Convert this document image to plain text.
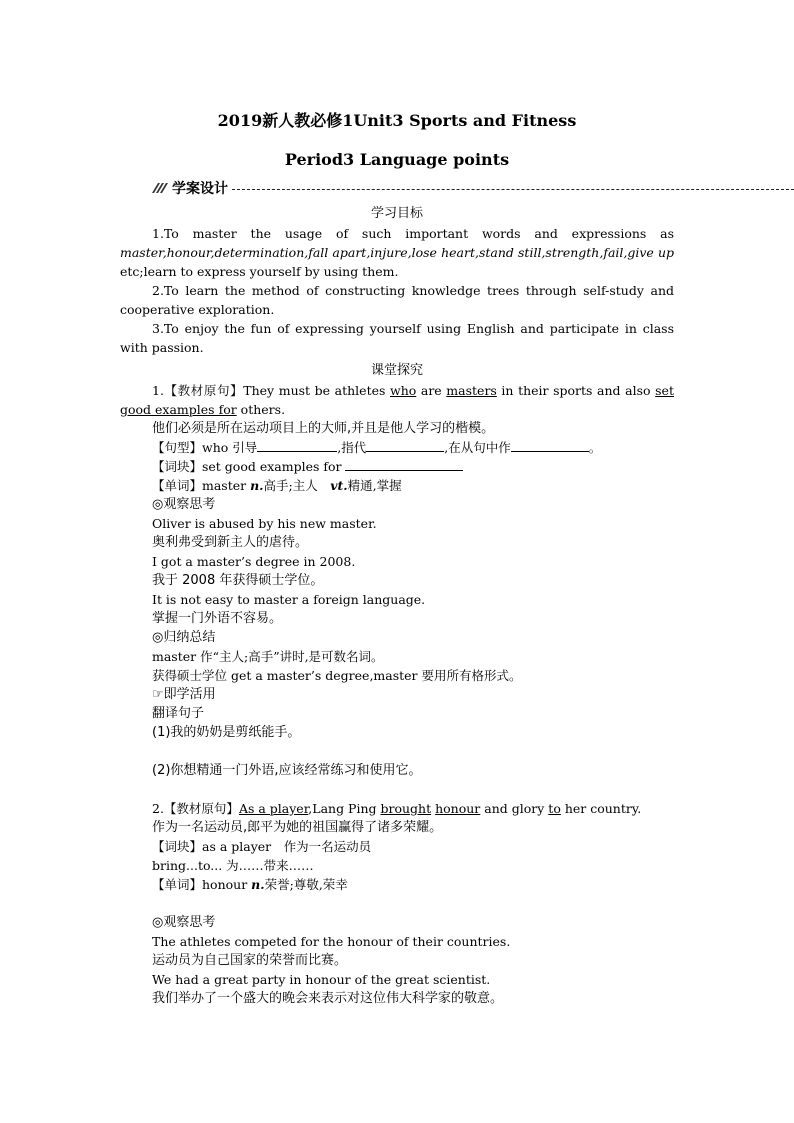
2019新人教必修1Unit3 Sports and Fitness
Period3 Language points
学案设计
学习目标
1.To master the usage of such important words and expressions as master,honour,determination,fall apart,injure,lose heart,stand still,strength,fail,give up etc;learn to express yourself by using them.
2.To learn the method of constructing knowledge trees through self-study and cooperative exploration.
3.To enjoy the fun of expressing yourself using English and participate in class with passion.
课堂探究
1.【教材原句】They must be athletes who are masters in their sports and also set good examples for others.
他们必须是所在运动项目上的大师,并且是他人学习的楷模。
【句型】who 引导	,指代	,在从句中作	。
【词块】set good examples for
【单词】master n.高手;主人　vt.精通,掌握
◎观察思考
Oliver is abused by his new master.
奥利弗受到新主人的虐待。
I got a master’s degree in 2008.
我于 2008 年获得硕士学位。
It is not easy to master a foreign language.
掌握一门外语不容易。
◎归纳总结
master 作“主人;高手”讲时,是可数名词。
获得硕士学位 get a master’s degree,master 要用所有格形式。
☞即学活用
翻译句子
(1)我的奶奶是剪纸能手。
(2)你想精通一门外语,应该经常练习和使用它。
2.【教材原句】As a player,Lang Ping brought honour and glory to her country.
作为一名运动员,郎平为她的祖国赢得了诸多荣耀。
【词块】as a player　作为一名运动员
bring...to... 为……带来……
【单词】honour n.荣誉;尊敬,荣幸
◎观察思考
The athletes competed for the honour of their countries.
运动员为自己国家的荣誉而比赛。
We had a great party in honour of the great scientist.
我们举办了一个盛大的晚会来表示对这位伟大科学家的敬意。
